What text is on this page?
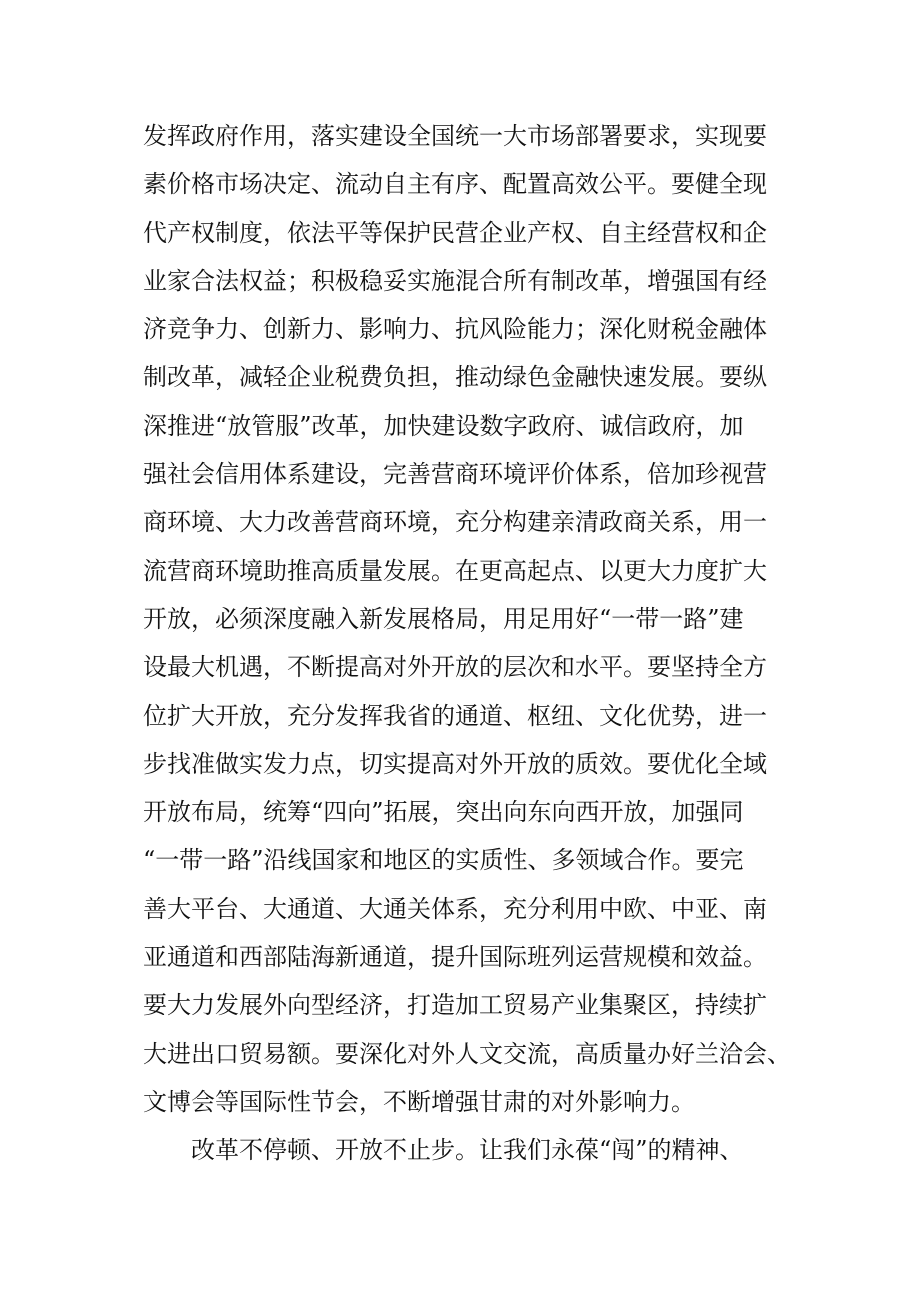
发挥政府作用，落实建设全国统一大市场部署要求，实现要
素价格市场决定、流动自主有序、配置高效公平。要健全现
代产权制度，依法平等保护民营企业产权、自主经营权和企
业家合法权益；积极稳妥实施混合所有制改革，增强国有经
济竞争力、创新力、影响力、抗风险能力；深化财税金融体
制改革，减轻企业税费负担，推动绿色金融快速发展。要纵
深推进“放管服”改革，加快建设数字政府、诚信政府，加
强社会信用体系建设，完善营商环境评价体系，倍加珍视营
商环境、大力改善营商环境，充分构建亲清政商关系，用一
流营商环境助推高质量发展。在更高起点、以更大力度扩大
开放，必须深度融入新发展格局，用足用好“一带一路”建
设最大机遇，不断提高对外开放的层次和水平。要坚持全方
位扩大开放，充分发挥我省的通道、枢纽、文化优势，进一
步找准做实发力点，切实提高对外开放的质效。要优化全域
开放布局，统筹“四向”拓展，突出向东向西开放，加强同
“一带一路”沿线国家和地区的实质性、多领域合作。要完
善大平台、大通道、大通关体系，充分利用中欧、中亚、南
亚通道和西部陆海新通道，提升国际班列运营规模和效益。
要大力发展外向型经济，打造加工贸易产业集聚区，持续扩
大进出口贸易额。要深化对外人文交流，高质量办好兰洽会、
文博会等国际性节会，不断增强甘肃的对外影响力。
改革不停顿、开放不止步。让我们永葆“闯”的精神、
